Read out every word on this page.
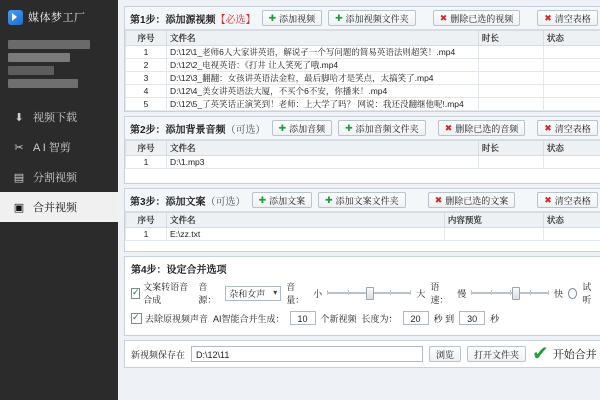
媒体梦工厂
⬇ 视频下载
✂ A I 智剪
▤ 分割视频
▣ 合并视频
第1步：添加源视频【必选】 ✚ 添加视频 ✚ 添加视频文件夹	✖ 删除已选的视频	✖ 清空表格
序号	文件名	时长	状态
1	D:\12\1_老师6人大家讲英语，解说孑一个写问题的简易英语法则超笑！.mp4		
2	D:\12\2_电视英语：《打井 让人笑死了哦.mp4		
3	D:\12\3_翻翻：女孩讲英语法金粒，最后脚哈才是笑点，太搞笑了.mp4		
4	D:\12\4_美女讲英语法大厦，不买个6不安，你播来！.mp4		
5	D:\12\5_了英笑话正演笑到！老师：上大学了吗？ 网说：我还没翻继他呢!.mp4		
第2步：添加背景音频（可选） ✚ 添加音频 ✚ 添加音频文件夹	✖ 删除已选的音频	✖ 清空表格
序号	文件名	时长	状态
1	D:\1.mp3		
第3步：添加文案（可选） ✚ 添加文案 ✚ 添加文案文件夹	✖ 删除已选的文案	✖ 清空表格
序号	文件名	内容预览	状态
1	E:\zz.txt		
第4步：设定合并选项
✓
文案转语音合成
音源：
杂和女声
▾
音量：
小	大
语速：
慢	快
试听
✓
去除原视频声音 AI智能合并生成：	10	个新视频 长度为：	20	秒 到	30	秒
新视频保存在	D:\12\11	浏览 打开文件夹 ✔ 开始合并
